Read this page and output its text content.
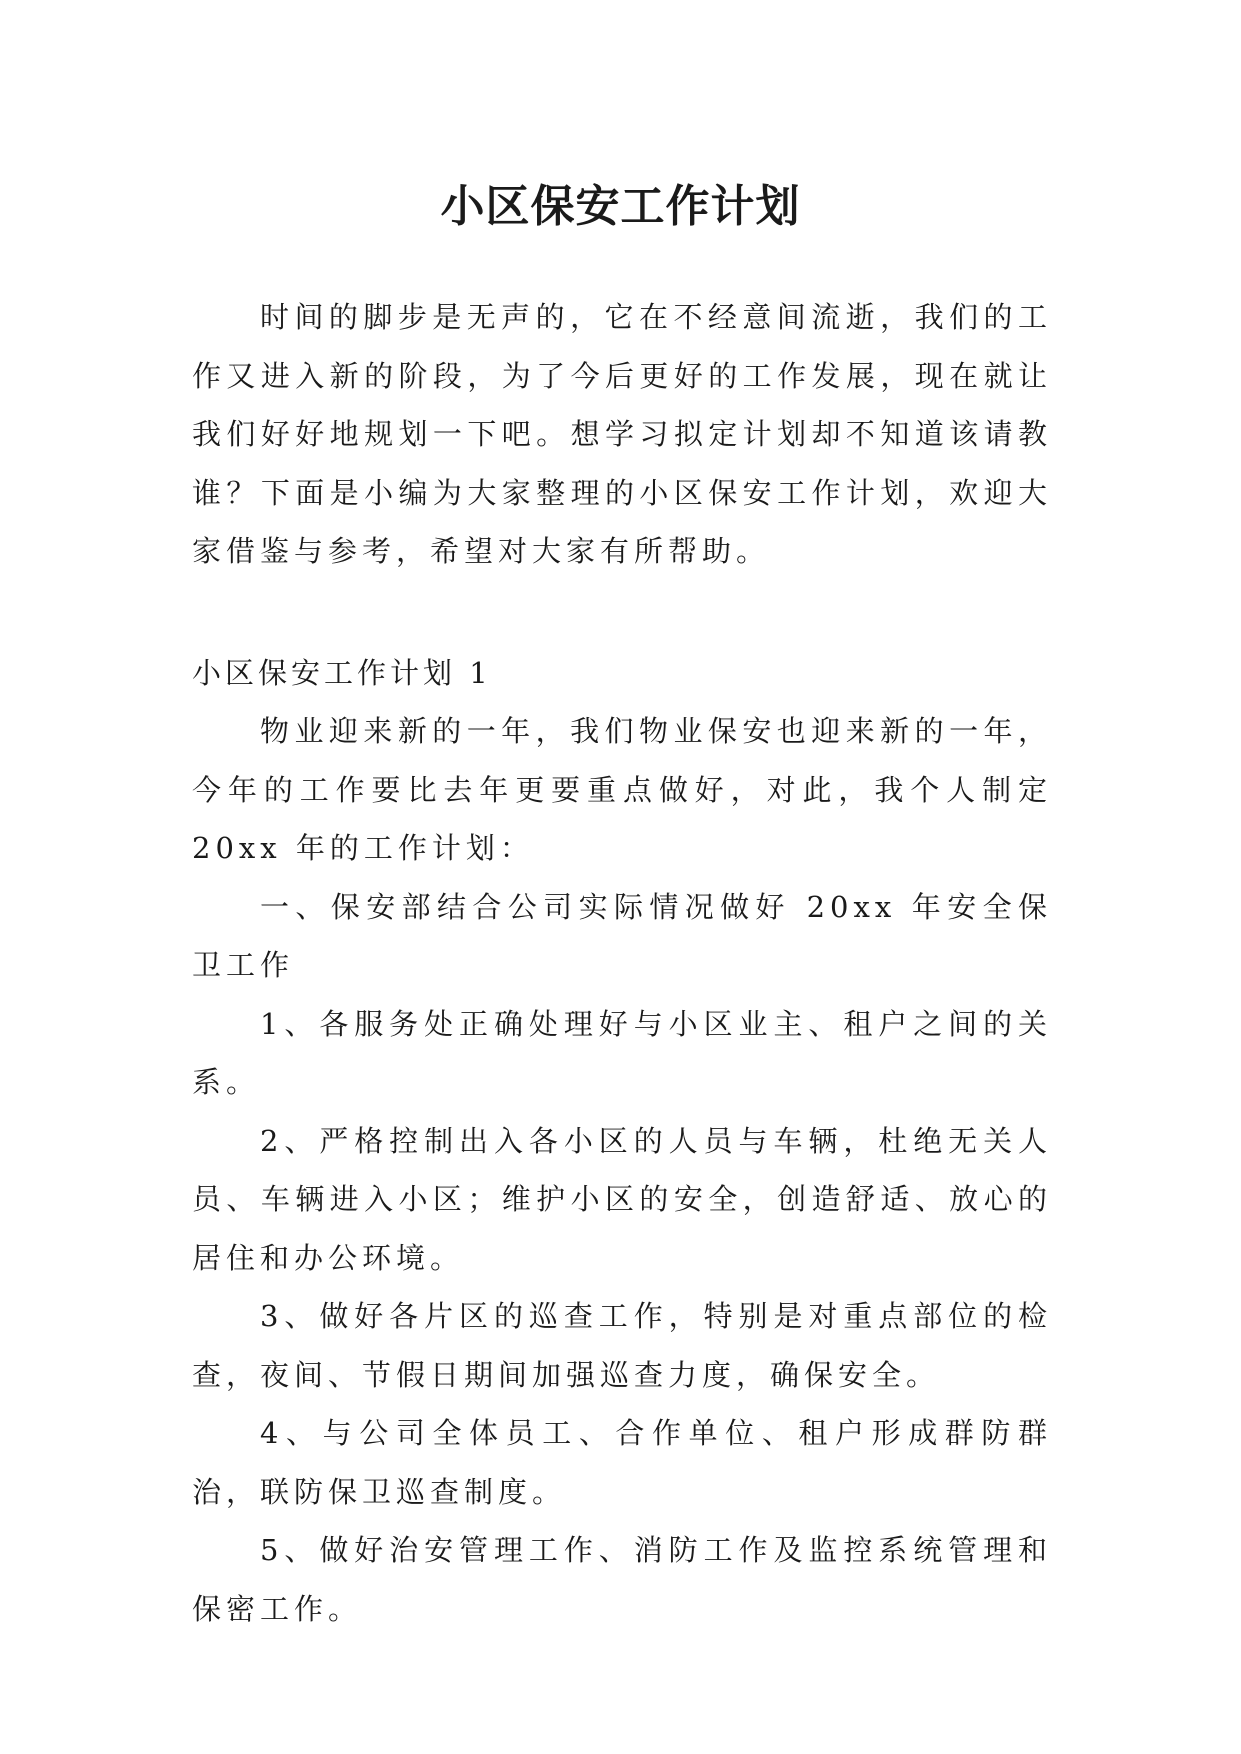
小区保安工作计划

时间的脚步是无声的，它在不经意间流逝，我们的工作又进入新的阶段，为了今后更好的工作发展，现在就让我们好好地规划一下吧。想学习拟定计划却不知道该请教谁？下面是小编为大家整理的小区保安工作计划，欢迎大家借鉴与参考，希望对大家有所帮助。

小区保安工作计划 1

物业迎来新的一年，我们物业保安也迎来新的一年，今年的工作要比去年更要重点做好，对此，我个人制定 20xx 年的工作计划：

一、保安部结合公司实际情况做好 20xx 年安全保卫工作

1、各服务处正确处理好与小区业主、租户之间的关系。

2、严格控制出入各小区的人员与车辆，杜绝无关人员、车辆进入小区；维护小区的安全，创造舒适、放心的居住和办公环境。

3、做好各片区的巡查工作，特别是对重点部位的检查，夜间、节假日期间加强巡查力度，确保安全。

4、与公司全体员工、合作单位、租户形成群防群治，联防保卫巡查制度。

5、做好治安管理工作、消防工作及监控系统管理和保密工作。
